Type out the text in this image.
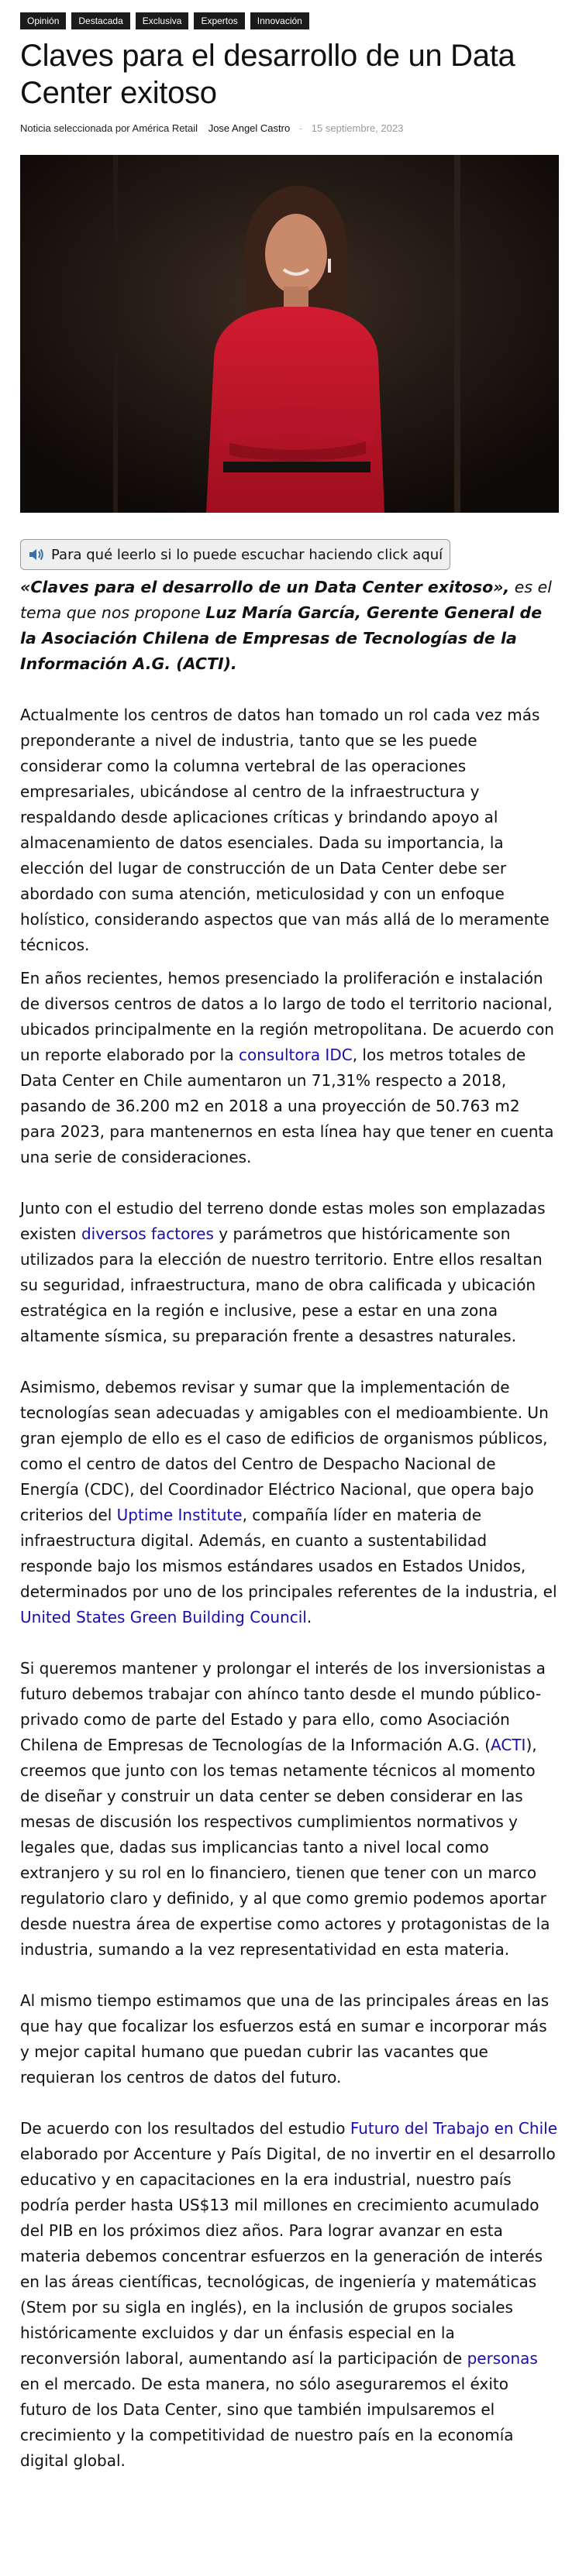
Opinión	Destacada	Exclusiva	Expertos	Innovación
Claves para el desarrollo de un Data Center exitoso
Noticia seleccionada por América Retail Jose Angel Castro - 15 septiembre, 2023
Para qué leerlo si lo puede escuchar haciendo click aquí

«Claves para el desarrollo de un Data Center exitoso», es el tema que nos propone Luz María García, Gerente General de la Asociación Chilena de Empresas de Tecnologías de la Información A.G. (ACTI).

Actualmente los centros de datos han tomado un rol cada vez más preponderante a nivel de industria, tanto que se les puede considerar como la columna vertebral de las operaciones empresariales, ubicándose al centro de la infraestructura y respaldando desde aplicaciones críticas y brindando apoyo al almacenamiento de datos esenciales. Dada su importancia, la elección del lugar de construcción de un Data Center debe ser abordado con suma atención, meticulosidad y con un enfoque holístico, considerando aspectos que van más allá de lo meramente técnicos.

En años recientes, hemos presenciado la proliferación e instalación de diversos centros de datos a lo largo de todo el territorio nacional, ubicados principalmente en la región metropolitana. De acuerdo con un reporte elaborado por la consultora IDC, los metros totales de Data Center en Chile aumentaron un 71,31% respecto a 2018, pasando de 36.200 m2 en 2018 a una proyección de 50.763 m2 para 2023, para mantenernos en esta línea hay que tener en cuenta una serie de consideraciones.

Junto con el estudio del terreno donde estas moles son emplazadas existen diversos factores y parámetros que históricamente son utilizados para la elección de nuestro territorio. Entre ellos resaltan su seguridad, infraestructura, mano de obra calificada y ubicación estratégica en la región e inclusive, pese a estar en una zona altamente sísmica, su preparación frente a desastres naturales.

Asimismo, debemos revisar y sumar que la implementación de tecnologías sean adecuadas y amigables con el medioambiente. Un gran ejemplo de ello es el caso de edificios de organismos públicos, como el centro de datos del Centro de Despacho Nacional de Energía (CDC), del Coordinador Eléctrico Nacional, que opera bajo criterios del Uptime Institute, compañía líder en materia de infraestructura digital. Además, en cuanto a sustentabilidad responde bajo los mismos estándares usados en Estados Unidos, determinados por uno de los principales referentes de la industria, el United States Green Building Council.

Si queremos mantener y prolongar el interés de los inversionistas a futuro debemos trabajar con ahínco tanto desde el mundo público-privado como de parte del Estado y para ello, como Asociación Chilena de Empresas de Tecnologías de la Información A.G. (ACTI), creemos que junto con los temas netamente técnicos al momento de diseñar y construir un data center se deben considerar en las mesas de discusión los respectivos cumplimientos normativos y legales que, dadas sus implicancias tanto a nivel local como extranjero y su rol en lo financiero, tienen que tener con un marco regulatorio claro y definido, y al que como gremio podemos aportar desde nuestra área de expertise como actores y protagonistas de la industria, sumando a la vez representatividad en esta materia.

Al mismo tiempo estimamos que una de las principales áreas en las que hay que focalizar los esfuerzos está en sumar e incorporar más y mejor capital humano que puedan cubrir las vacantes que requieran los centros de datos del futuro.

De acuerdo con los resultados del estudio Futuro del Trabajo en Chile elaborado por Accenture y País Digital, de no invertir en el desarrollo educativo y en capacitaciones en la era industrial, nuestro país podría perder hasta US$13 mil millones en crecimiento acumulado del PIB en los próximos diez años. Para lograr avanzar en esta materia debemos concentrar esfuerzos en la generación de interés en las áreas científicas, tecnológicas, de ingeniería y matemáticas (Stem por su sigla en inglés), en la inclusión de grupos sociales históricamente excluidos y dar un énfasis especial en la reconversión laboral, aumentando así la participación de personas en el mercado. De esta manera, no sólo aseguraremos el éxito futuro de los Data Center, sino que también impulsaremos el crecimiento y la competitividad de nuestro país en la economía digital global.
